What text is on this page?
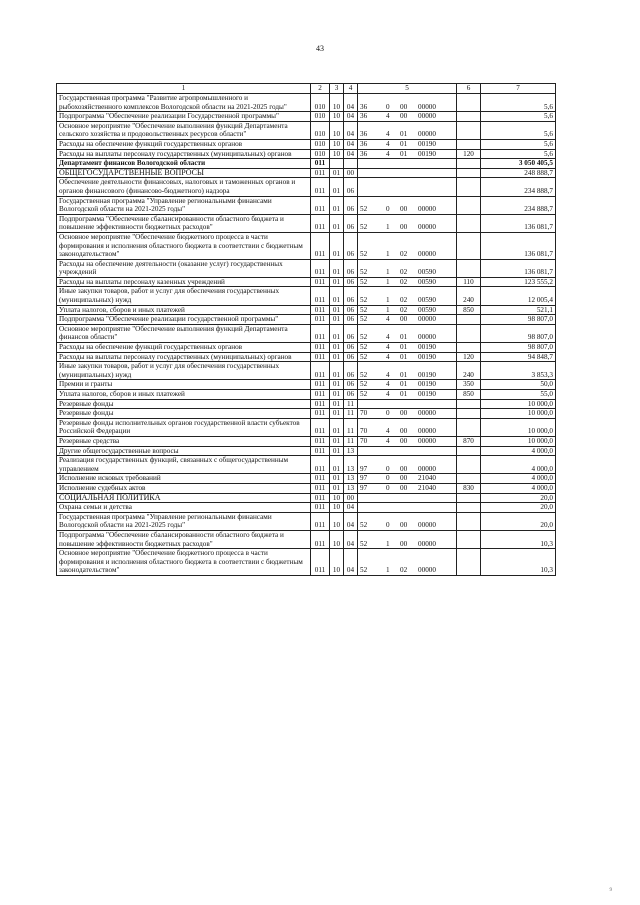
43
1	2	3	4	5	6	7
Государственная программа "Развитие агропромышленного и рыбохозяйственного комплексов Вологодской области на 2021-2025 годы"	010	10	04	36 0 00 00000		5,6
Подпрограмма "Обеспечение реализации Государственной программы"	010	10	04	36 4 00 00000		5,6
Основное мероприятие "Обеспечение выполнения функций Департамента сельского хозяйства и продовольственных ресурсов области"	010	10	04	36 4 01 00000		5,6
Расходы на обеспечение функций государственных органов	010	10	04	36 4 01 00190		5,6
Расходы на выплаты персоналу государственных (муниципальных) органов	010	10	04	36 4 01 00190	120	5,6
Департамент финансов Вологодской области	011					3 050 405,5
ОБЩЕГОСУДАРСТВЕННЫЕ ВОПРОСЫ	011	01	00			248 888,7
Обеспечение деятельности финансовых, налоговых и таможенных органов и органов финансового (финансово-бюджетного) надзора	011	01	06			234 888,7
Государственная программа "Управление региональными финансами Вологодской области на 2021-2025 годы"	011	01	06	52 0 00 00000		234 888,7
Подпрограмма "Обеспечение сбалансированности областного бюджета и повышение эффективности бюджетных расходов"	011	01	06	52 1 00 00000		136 081,7
Основное мероприятие "Обеспечение бюджетного процесса в части формирования и исполнения областного бюджета в соответствии с бюджетным законодательством"	011	01	06	52 1 02 00000		136 081,7
Расходы на обеспечение деятельности (оказание услуг) государственных учреждений	011	01	06	52 1 02 00590		136 081,7
Расходы на выплаты персоналу казенных учреждений	011	01	06	52 1 02 00590	110	123 555,2
Иные закупки товаров, работ и услуг для обеспечения государственных (муниципальных) нужд	011	01	06	52 1 02 00590	240	12 005,4
Уплата налогов, сборов и иных платежей	011	01	06	52 1 02 00590	850	521,1
Подпрограмма "Обеспечение реализации государственной программы"	011	01	06	52 4 00 00000		98 807,0
Основное мероприятие "Обеспечение выполнения функций Департамента финансов области"	011	01	06	52 4 01 00000		98 807,0
Расходы на обеспечение функций государственных органов	011	01	06	52 4 01 00190		98 807,0
Расходы на выплаты персоналу государственных (муниципальных) органов	011	01	06	52 4 01 00190	120	94 848,7
Иные закупки товаров, работ и услуг для обеспечения государственных (муниципальных) нужд	011	01	06	52 4 01 00190	240	3 853,3
Премии и гранты	011	01	06	52 4 01 00190	350	50,0
Уплата налогов, сборов и иных платежей	011	01	06	52 4 01 00190	850	55,0
Резервные фонды	011	01	11			10 000,0
Резервные фонды	011	01	11	70 0 00 00000		10 000,0
Резервные фонды исполнительных органов государственной власти субъектов Российской Федерации	011	01	11	70 4 00 00000		10 000,0
Резервные средства	011	01	11	70 4 00 00000	870	10 000,0
Другие общегосударственные вопросы	011	01	13			4 000,0
Реализация государственных функций, связанных с общегосударственным управлением	011	01	13	97 0 00 00000		4 000,0
Исполнение исковых требований	011	01	13	97 0 00 21040		4 000,0
Исполнение судебных актов	011	01	13	97 0 00 21040	830	4 000,0
СОЦИАЛЬНАЯ ПОЛИТИКА	011	10	00			20,0
Охрана семьи и детства	011	10	04			20,0
Государственная программа "Управление региональными финансами Вологодской области на 2021-2025 годы"	011	10	04	52 0 00 00000		20,0
Подпрограмма "Обеспечение сбалансированности областного бюджета и повышение эффективности бюджетных расходов"	011	10	04	52 1 00 00000		10,3
Основное мероприятие "Обеспечение бюджетного процесса в части формирования и исполнения областного бюджета в соответствии с бюджетным законодательством"	011	10	04	52 1 02 00000		10,3
9
